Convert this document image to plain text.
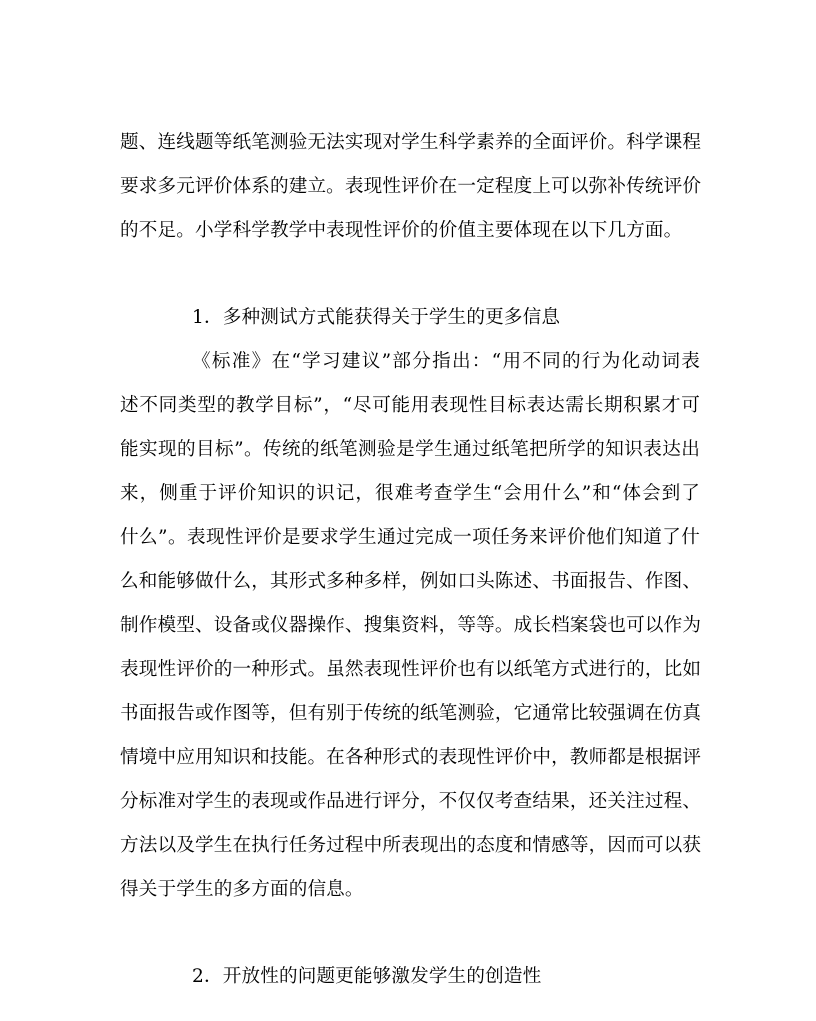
题、连线题等纸笔测验无法实现对学生科学素养的全面评价。科学课程
要求多元评价体系的建立。表现性评价在一定程度上可以弥补传统评价
的不足。小学科学教学中表现性评价的价值主要体现在以下几方面。
1．多种测试方式能获得关于学生的更多信息
《标准》在“学习建议”部分指出：“用不同的行为化动词表
述不同类型的教学目标”，“尽可能用表现性目标表达需长期积累才可
能实现的目标”。传统的纸笔测验是学生通过纸笔把所学的知识表达出
来，侧重于评价知识的识记，很难考查学生“会用什么”和“体会到了
什么”。表现性评价是要求学生通过完成一项任务来评价他们知道了什
么和能够做什么，其形式多种多样，例如口头陈述、书面报告、作图、
制作模型、设备或仪器操作、搜集资料，等等。成长档案袋也可以作为
表现性评价的一种形式。虽然表现性评价也有以纸笔方式进行的，比如
书面报告或作图等，但有别于传统的纸笔测验，它通常比较强调在仿真
情境中应用知识和技能。在各种形式的表现性评价中，教师都是根据评
分标准对学生的表现或作品进行评分，不仅仅考查结果，还关注过程、
方法以及学生在执行任务过程中所表现出的态度和情感等，因而可以获
得关于学生的多方面的信息。
2．开放性的问题更能够激发学生的创造性
